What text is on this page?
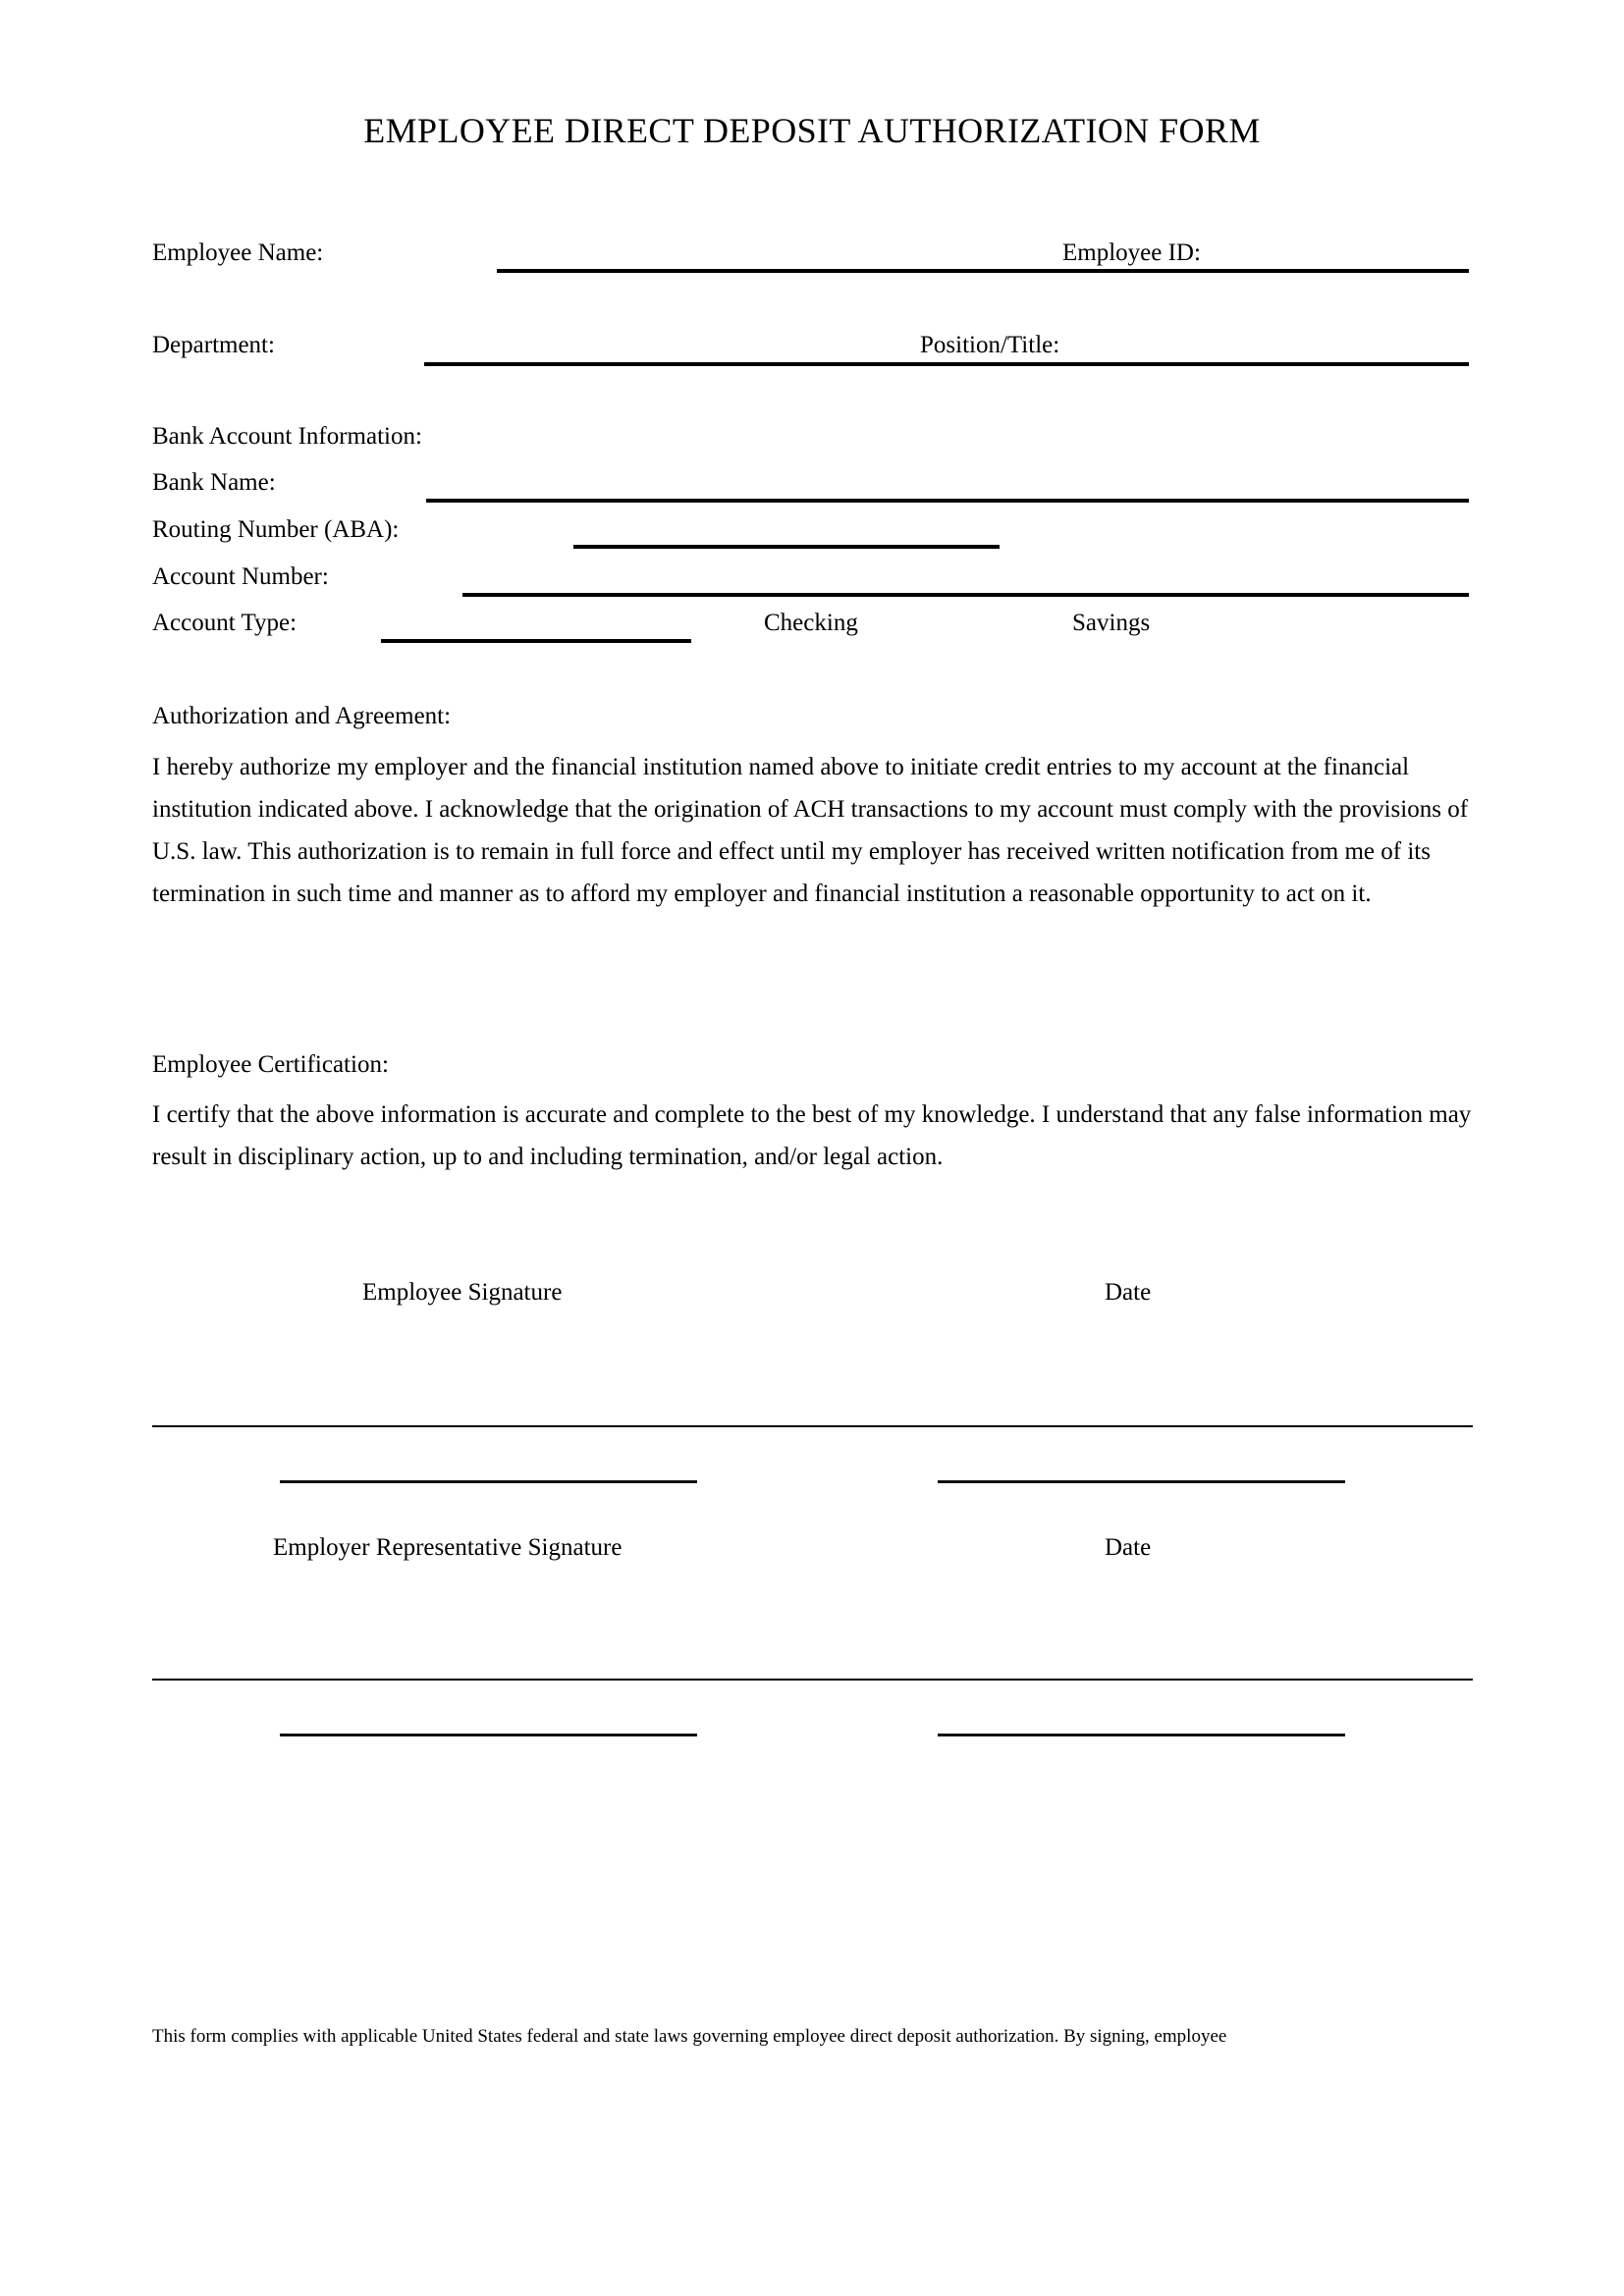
EMPLOYEE DIRECT DEPOSIT AUTHORIZATION FORM
Employee Name:	Employee ID:
Department:	Position/Title:
Bank Account Information:
Bank Name:
Routing Number (ABA):
Account Number:
Account Type:	Checking	Savings
Authorization and Agreement:
I hereby authorize my employer and the financial institution named above to initiate credit entries to my account at the financial institution indicated above. I acknowledge that the origination of ACH transactions to my account must comply with the provisions of U.S. law. This authorization is to remain in full force and effect until my employer has received written notification from me of its termination in such time and manner as to afford my employer and financial institution a reasonable opportunity to act on it.
Employee Certification:
I certify that the above information is accurate and complete to the best of my knowledge. I understand that any false information may result in disciplinary action, up to and including termination, and/or legal action.
Employee Signature	Date
Employer Representative Signature	Date
This form complies with applicable United States federal and state laws governing employee direct deposit authorization. By signing, employee
